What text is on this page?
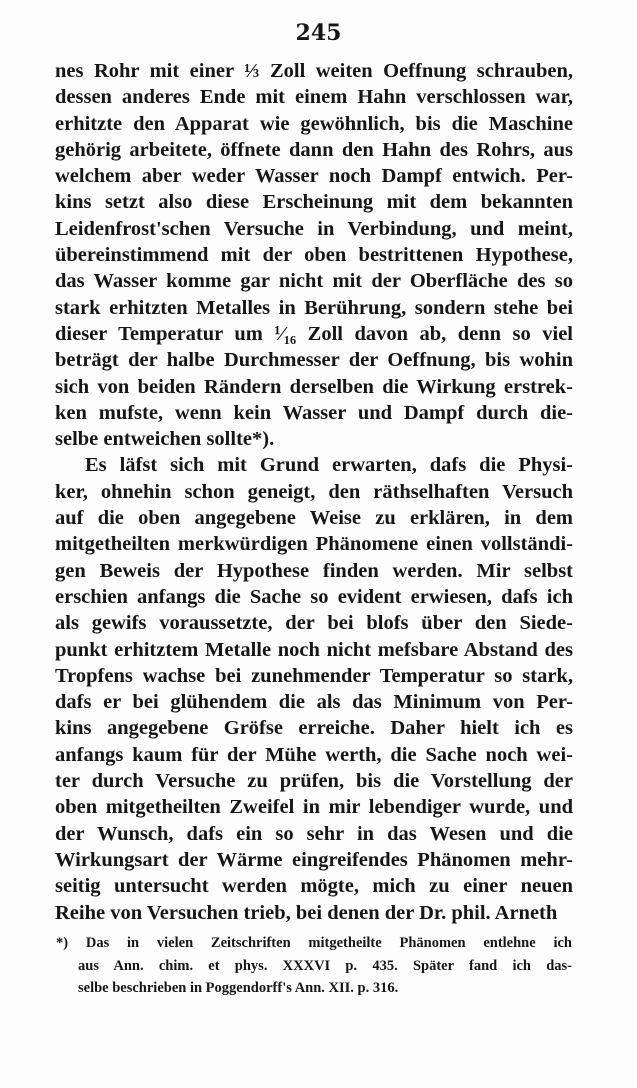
245
nes Rohr mit einer ⅓ Zoll weiten Oeffnung schrauben,
dessen anderes Ende mit einem Hahn verschlossen war,
erhitzte den Apparat wie gewöhnlich, bis die Maschine
gehörig arbeitete, öffnete dann den Hahn des Rohrs, aus
welchem aber weder Wasser noch Dampf entwich. Per-
kins setzt also diese Erscheinung mit dem bekannten
Leidenfrost'schen Versuche in Verbindung, und meint,
übereinstimmend mit der oben bestrittenen Hypothese,
das Wasser komme gar nicht mit der Oberfläche des so
stark erhitzten Metalles in Berührung, sondern stehe bei
dieser Temperatur um ¹⁄₁₆ Zoll davon ab, denn so viel
beträgt der halbe Durchmesser der Oeffnung, bis wohin
sich von beiden Rändern derselben die Wirkung erstrek-
ken mufste, wenn kein Wasser und Dampf durch die-
selbe entweichen sollte*).
Es läfst sich mit Grund erwarten, dafs die Physi-
ker, ohnehin schon geneigt, den räthselhaften Versuch
auf die oben angegebene Weise zu erklären, in dem
mitgetheilten merkwürdigen Phänomene einen vollständi-
gen Beweis der Hypothese finden werden. Mir selbst
erschien anfangs die Sache so evident erwiesen, dafs ich
als gewifs voraussetzte, der bei blofs über den Siede-
punkt erhitztem Metalle noch nicht mefsbare Abstand des
Tropfens wachse bei zunehmender Temperatur so stark,
dafs er bei glühendem die als das Minimum von Per-
kins angegebene Gröfse erreiche. Daher hielt ich es
anfangs kaum für der Mühe werth, die Sache noch wei-
ter durch Versuche zu prüfen, bis die Vorstellung der
oben mitgetheilten Zweifel in mir lebendiger wurde, und
der Wunsch, dafs ein so sehr in das Wesen und die
Wirkungsart der Wärme eingreifendes Phänomen mehr-
seitig untersucht werden mögte, mich zu einer neuen
Reihe von Versuchen trieb, bei denen der Dr. phil. Arneth
*) Das in vielen Zeitschriften mitgetheilte Phänomen entlehne ich
aus Ann. chim. et phys. XXXVI p. 435. Später fand ich das-
selbe beschrieben in Poggendorff's Ann. XII. p. 316.
